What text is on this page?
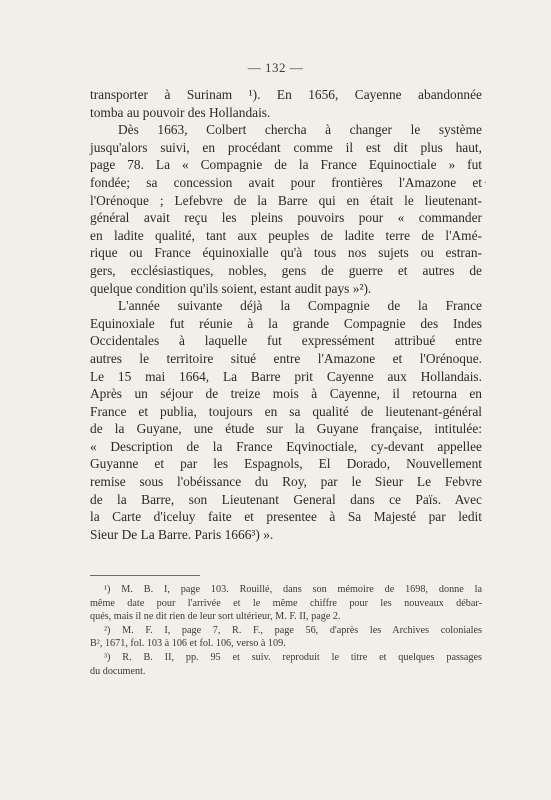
— 132 —
transporter à Surinam ¹). En 1656, Cayenne abandonnée
tomba au pouvoir des Hollandais.
Dès 1663, Colbert chercha à changer le système
jusqu'alors suivi, en procédant comme il est dit plus haut,
page 78. La « Compagnie de la France Equinoctiale » fut
fondée; sa concession avait pour frontières l'Amazone et
l'Orénoque ; Lefebvre de la Barre qui en était le lieutenant-
général avait reçu les pleins pouvoirs pour « commander
en ladite qualité, tant aux peuples de ladite terre de l'Amé-
rique ou France équinoxialle qu'à tous nos sujets ou estran-
gers, ecclésiastiques, nobles, gens de guerre et autres de
quelque condition qu'ils soient, estant audit pays »²).
L'année suivante déjà la Compagnie de la France
Equinoxiale fut réunie à la grande Compagnie des Indes
Occidentales à laquelle fut expressément attribué entre
autres le territoire situé entre l'Amazone et l'Orénoque.
Le 15 mai 1664, La Barre prit Cayenne aux Hollandais.
Après un séjour de treize mois à Cayenne, il retourna en
France et publia, toujours en sa qualité de lieutenant-général
de la Guyane, une étude sur la Guyane française, intitulée:
« Description de la France Eqvinoctiale, cy-devant appellee
Guyanne et par les Espagnols, El Dorado, Nouvellement
remise sous l'obéissance du Roy, par le Sieur Le Febvre
de la Barre, son Lieutenant General dans ce Païs. Avec
la Carte d'iceluy faite et presentee à Sa Majesté par ledit
Sieur De La Barre. Paris 1666³) ».
.
¹) M. B. I, page 103. Rouillé, dans son mémoire de 1698, donne la
même date pour l'arrivée et le même chiffre pour les nouveaux débar-
qués, mais il ne dit rien de leur sort ultérieur, M. F. II, page 2.
²) M. F. I, page 7, R. F., page 56, d'après les Archives coloniales
B², 1671, fol. 103 à 106 et fol. 106, verso à 109.
³) R. B. II, pp. 95 et suiv. reproduit le titre et quelques passages
du document.
